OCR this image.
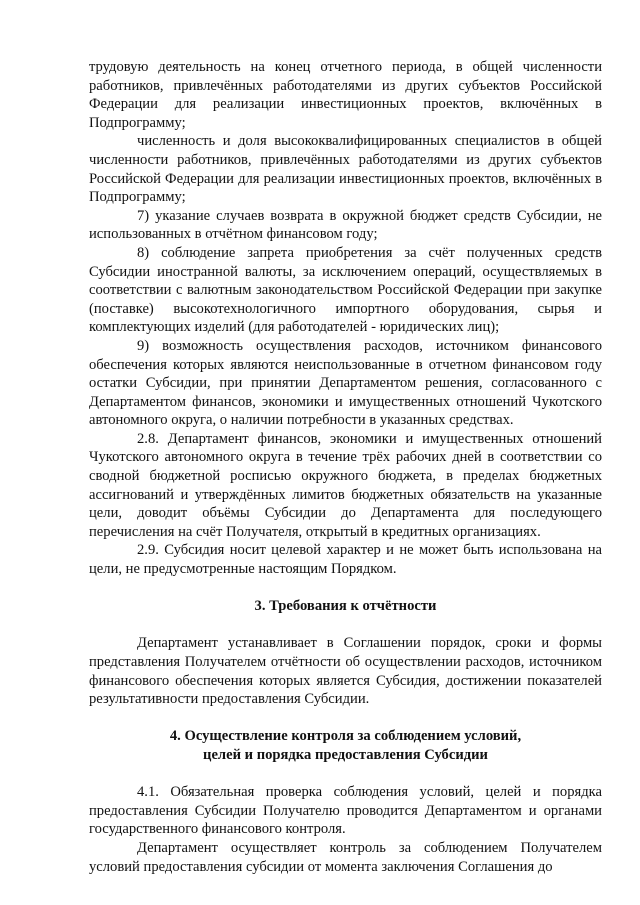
трудовую деятельность на конец отчетного периода, в общей численности работников, привлечённых работодателями из других субъектов Российской Федерации для реализации инвестиционных проектов, включённых в Подпрограмму;

численность и доля высококвалифицированных специалистов в общей численности работников, привлечённых работодателями из других субъектов Российской Федерации для реализации инвестиционных проектов, включённых в Подпрограмму;

7) указание случаев возврата в окружной бюджет средств Субсидии, не использованных в отчётном финансовом году;

8) соблюдение запрета приобретения за счёт полученных средств Субсидии иностранной валюты, за исключением операций, осуществляемых в соответствии с валютным законодательством Российской Федерации при закупке (поставке) высокотехнологичного импортного оборудования, сырья и комплектующих изделий (для работодателей - юридических лиц);

9) возможность осуществления расходов, источником финансового обеспечения которых являются неиспользованные в отчетном финансовом году остатки Субсидии, при принятии Департаментом решения, согласованного с Департаментом финансов, экономики и имущественных отношений Чукотского автономного округа, о наличии потребности в указанных средствах.

2.8. Департамент финансов, экономики и имущественных отношений Чукотского автономного округа в течение трёх рабочих дней в соответствии со сводной бюджетной росписью окружного бюджета, в пределах бюджетных ассигнований и утверждённых лимитов бюджетных обязательств на указанные цели, доводит объёмы Субсидии до Департамента для последующего перечисления на счёт Получателя, открытый в кредитных организациях.

2.9. Субсидия носит целевой характер и не может быть использована на цели, не предусмотренные настоящим Порядком.

3. Требования к отчётности

Департамент устанавливает в Соглашении порядок, сроки и формы представления Получателем отчётности об осуществлении расходов, источником финансового обеспечения которых является Субсидия, достижении показателей результативности предоставления Субсидии.

4. Осуществление контроля за соблюдением условий,

целей и порядка предоставления Субсидии

4.1. Обязательная проверка соблюдения условий, целей и порядка предоставления Субсидии Получателю проводится Департаментом и органами государственного финансового контроля.

Департамент осуществляет контроль за соблюдением Получателем условий предоставления субсидии от момента заключения Соглашения до
